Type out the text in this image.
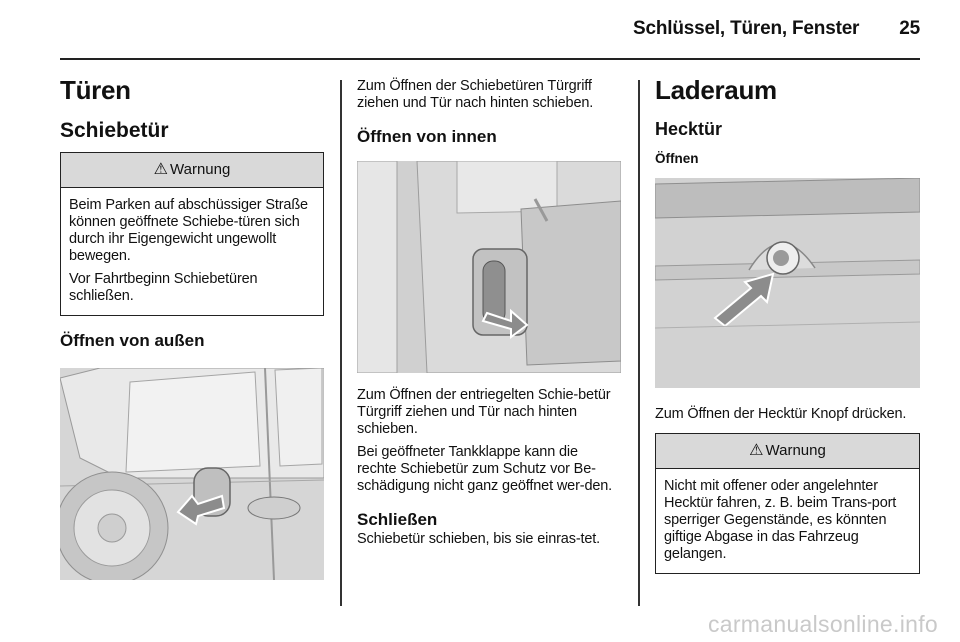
Schlüssel, Türen, Fenster 25
Türen
Schiebetür
⚠ Warnung

Beim Parken auf abschüssiger Straße können geöffnete Schiebe-türen sich durch ihr Eigengewicht ungewollt bewegen.

Vor Fahrtbeginn Schiebetüren schließen.

Öffnen von außen

Zum Öffnen der Schiebetüren Türgriff ziehen und Tür nach hinten schieben.

Öffnen von innen

Zum Öffnen der entriegelten Schie-betür Türgriff ziehen und Tür nach hinten schieben.

Bei geöffneter Tankklappe kann die rechte Schiebetür zum Schutz vor Be-schädigung nicht ganz geöffnet wer-den.

Schließen

Schiebetür schieben, bis sie einras-tet.

Laderaum
Hecktür
Öffnen

Zum Öffnen der Hecktür Knopf drücken.

⚠ Warnung

Nicht mit offener oder angelehnter Hecktür fahren, z. B. beim Trans-port sperriger Gegenstände, es könnten giftige Abgase in das Fahrzeug gelangen.

carmanualsonline.info
